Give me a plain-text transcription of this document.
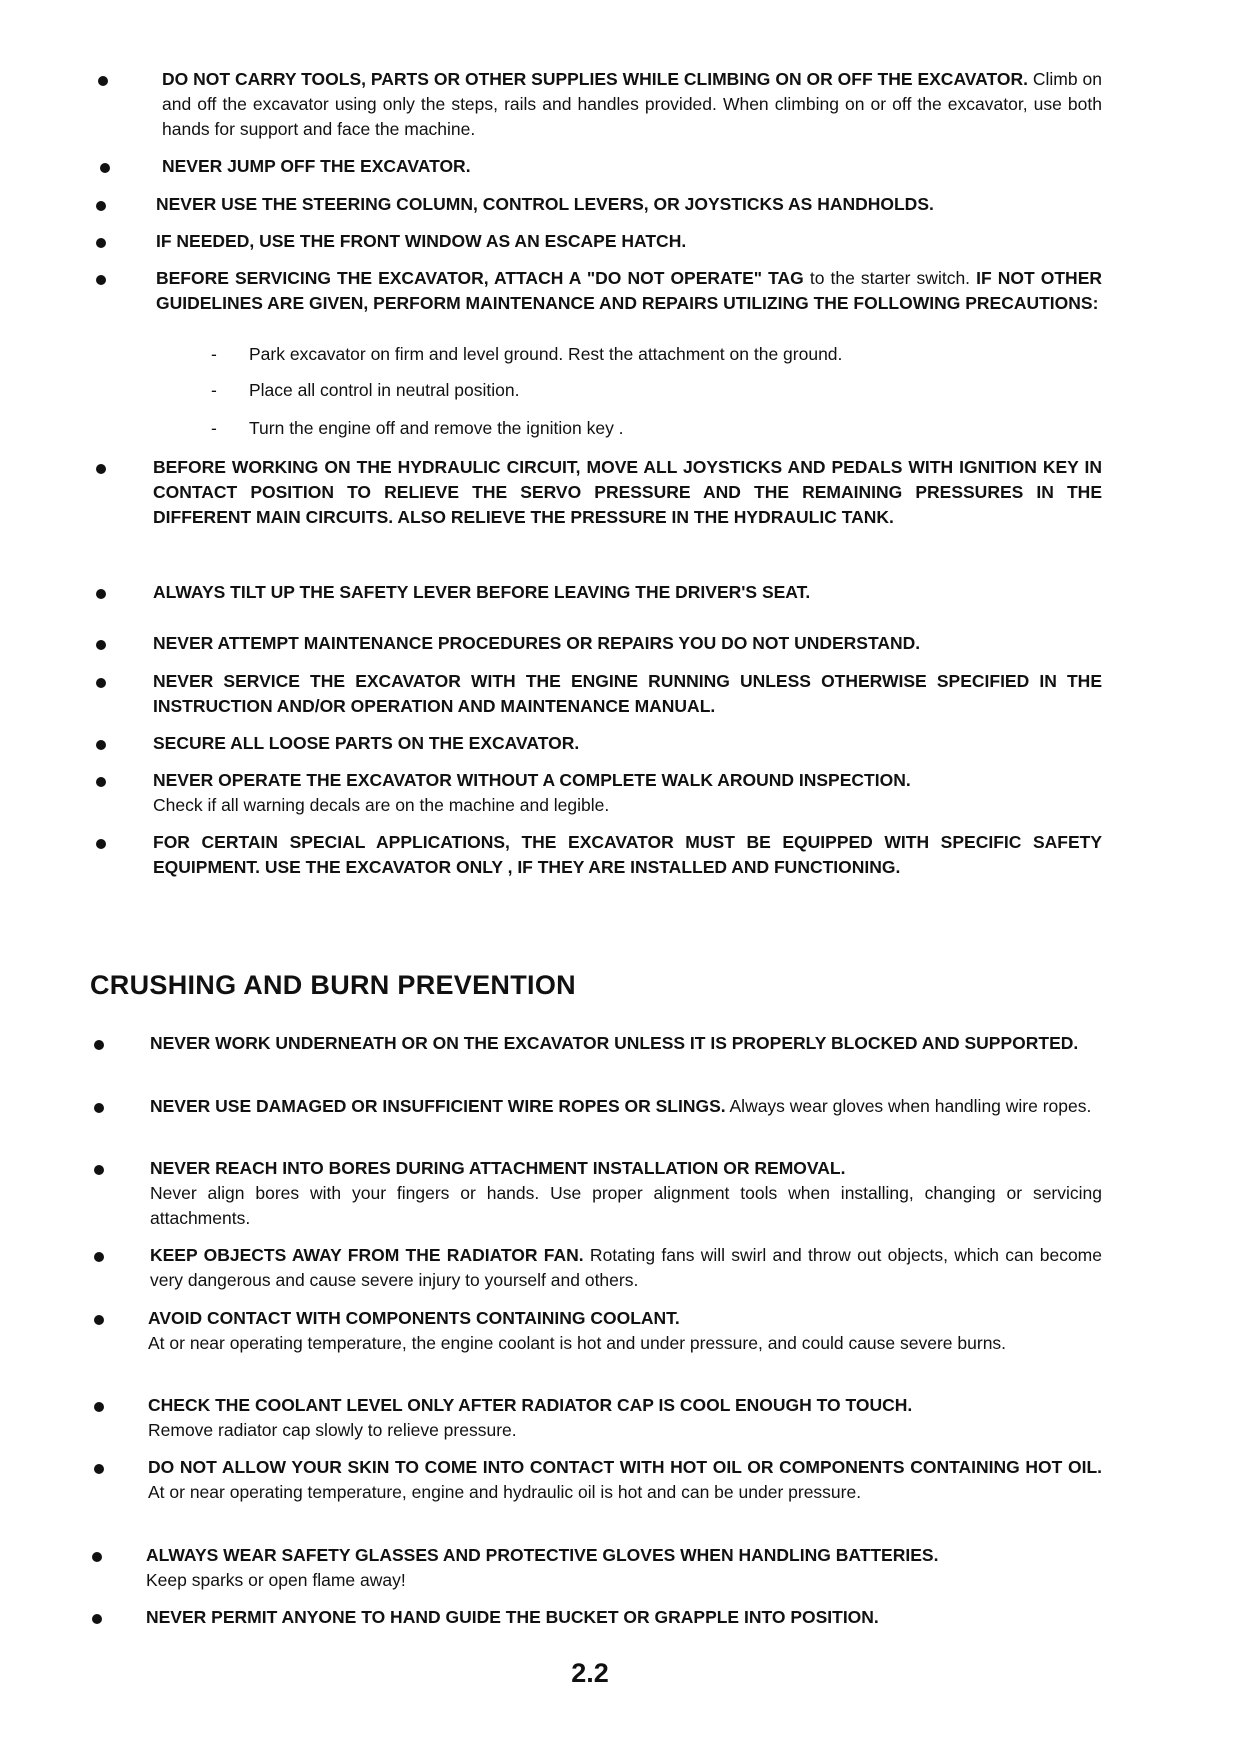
DO NOT CARRY TOOLS, PARTS OR OTHER SUPPLIES WHILE CLIMBING ON OR OFF THE EXCAVATOR. Climb on and off the excavator using only the steps, rails and handles provided. When climbing on or off the excavator, use both hands for support and face the machine.
NEVER JUMP OFF THE EXCAVATOR.
NEVER USE THE STEERING COLUMN, CONTROL LEVERS, OR JOYSTICKS AS HANDHOLDS.
IF NEEDED, USE THE FRONT WINDOW AS AN ESCAPE HATCH.
BEFORE SERVICING THE EXCAVATOR, ATTACH A "DO NOT OPERATE" TAG to the starter switch. IF NOT OTHER GUIDELINES ARE GIVEN, PERFORM MAINTENANCE AND REPAIRS UTILIZING THE FOLLOWING PRECAUTIONS:
- Park excavator on firm and level ground. Rest the attachment on the ground.
- Place all control in neutral position.
- Turn the engine off and remove the ignition key .
BEFORE WORKING ON THE HYDRAULIC CIRCUIT, MOVE ALL JOYSTICKS AND PEDALS WITH IGNITION KEY IN CONTACT POSITION TO RELIEVE THE SERVO PRESSURE AND THE REMAINING PRESSURES IN THE DIFFERENT MAIN CIRCUITS. ALSO RELIEVE THE PRESSURE IN THE HYDRAULIC TANK.
ALWAYS TILT UP THE SAFETY LEVER BEFORE LEAVING THE DRIVER'S SEAT.
NEVER ATTEMPT MAINTENANCE PROCEDURES OR REPAIRS YOU DO NOT UNDERSTAND.
NEVER SERVICE THE EXCAVATOR WITH THE ENGINE RUNNING UNLESS OTHERWISE SPECIFIED IN THE INSTRUCTION AND/OR OPERATION AND MAINTENANCE MANUAL.
SECURE ALL LOOSE PARTS ON THE EXCAVATOR.
NEVER OPERATE THE EXCAVATOR WITHOUT A COMPLETE WALK AROUND INSPECTION.
Check if all warning decals are on the machine and legible.
FOR CERTAIN SPECIAL APPLICATIONS, THE EXCAVATOR MUST BE EQUIPPED WITH SPECIFIC SAFETY EQUIPMENT. USE THE EXCAVATOR ONLY , IF THEY ARE INSTALLED AND FUNCTIONING.
CRUSHING AND BURN PREVENTION
NEVER WORK UNDERNEATH OR ON THE EXCAVATOR UNLESS IT IS PROPERLY BLOCKED AND SUPPORTED.
NEVER USE DAMAGED OR INSUFFICIENT WIRE ROPES OR SLINGS. Always wear gloves when handling wire ropes.
NEVER REACH INTO BORES DURING ATTACHMENT INSTALLATION OR REMOVAL.
Never align bores with your fingers or hands. Use proper alignment tools when installing, changing or servicing attachments.
KEEP OBJECTS AWAY FROM THE RADIATOR FAN. Rotating fans will swirl and throw out objects, which can become very dangerous and cause severe injury to yourself and others.
AVOID CONTACT WITH COMPONENTS CONTAINING COOLANT.
At or near operating temperature, the engine coolant is hot and under pressure, and could cause severe burns.
CHECK THE COOLANT LEVEL ONLY AFTER RADIATOR CAP IS COOL ENOUGH TO TOUCH.
Remove radiator cap slowly to relieve pressure.
DO NOT ALLOW YOUR SKIN TO COME INTO CONTACT WITH HOT OIL OR COMPONENTS CONTAINING HOT OIL. At or near operating temperature, engine and hydraulic oil is hot and can be under pressure.
ALWAYS WEAR SAFETY GLASSES AND PROTECTIVE GLOVES WHEN HANDLING BATTERIES.
Keep sparks or open flame away!
NEVER PERMIT ANYONE TO HAND GUIDE THE BUCKET OR GRAPPLE INTO POSITION.
2.2
